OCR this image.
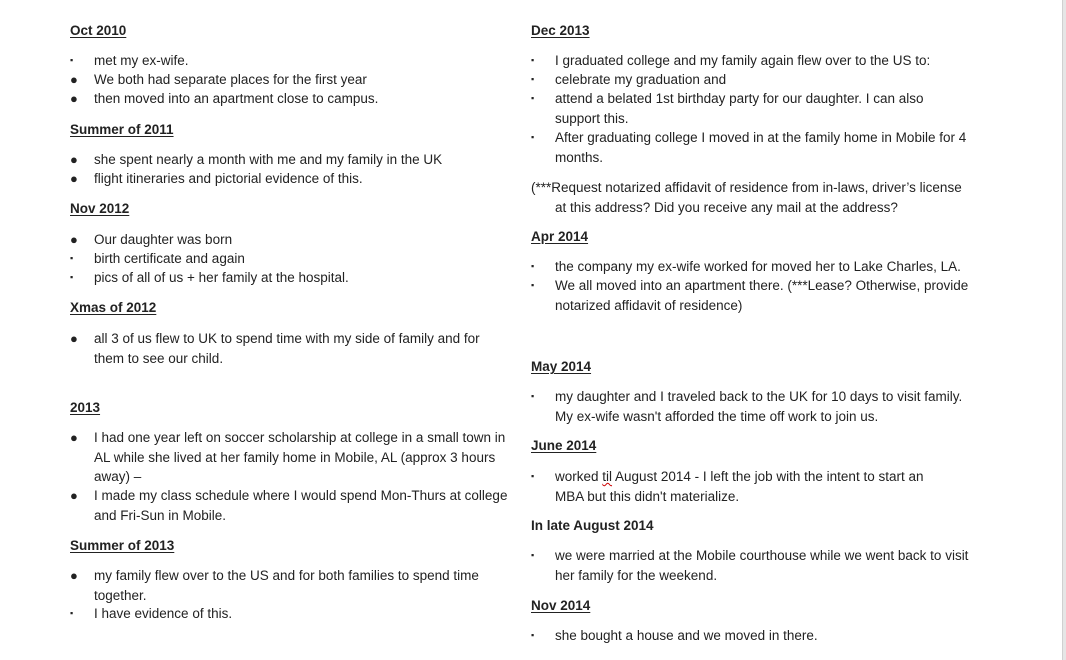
Oct 2010
▪	met my ex-wife.
●	We both had separate places for the first year
●	then moved into an apartment close to campus.
Summer of 2011
●	she spent nearly a month with me and my family in the UK
●	flight itineraries and pictorial evidence of this.
Nov 2012
●	Our daughter was born
▪	birth certificate and again
▪	pics of all of us + her family at the hospital.
Xmas of 2012
●	all 3 of us flew to UK to spend time with my side of family and for them to see our child.
2013
●	I had one year left on soccer scholarship at college in a small town in AL while she lived at her family home in Mobile, AL (approx 3 hours away) –
●	I made my class schedule where I would spend Mon-Thurs at college and Fri-Sun in Mobile.
Summer of 2013
●	my family flew over to the US and for both families to spend time together.
▪	I have evidence of this.
Dec 2013
▪	I graduated college and my family again flew over to the US to:
▪	celebrate my graduation and
▪	attend a belated 1st birthday party for our daughter. I can also support this.
▪	After graduating college I moved in at the family home in Mobile for 4 months.
(***Request notarized affidavit of residence from in-laws, driver’s license at this address? Did you receive any mail at the address?
Apr 2014
▪	the company my ex-wife worked for moved her to Lake Charles, LA.
▪	We all moved into an apartment there. (***Lease? Otherwise, provide notarized affidavit of residence)
May 2014
▪	my daughter and I traveled back to the UK for 10 days to visit family. My ex-wife wasn't afforded the time off work to join us.
June 2014
▪	worked til August 2014 - I left the job with the intent to start an MBA but this didn't materialize.
In late August 2014
▪	we were married at the Mobile courthouse while we went back to visit her family for the weekend.
Nov 2014
▪	she bought a house and we moved in there.
